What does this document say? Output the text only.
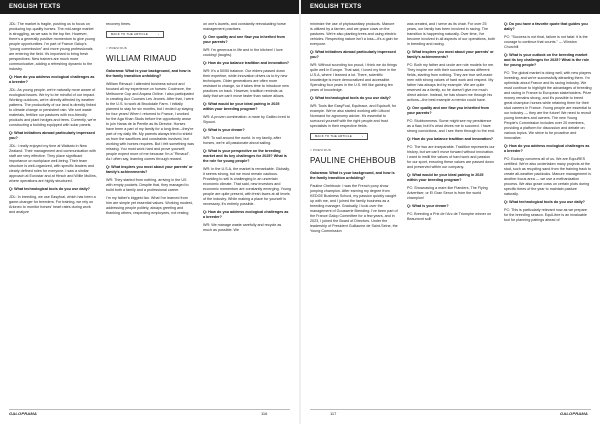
ENGLISH TEXTS	ENGLISH TEXTS

JDL: The market is fragile, pushing us to focus on producing top-quality horses. The mid-range market is struggling, as we saw in the top tier. However, there's a generally positive momentum to give young people opportunities. I'm part of France Galop's "young commission" and more young professionals are entering the field. It's important to bring fresh perspectives. New trainers are much more communicative, adding a refreshing dynamic to the industry.

Q: How do you address ecological challenges as a breeder?

JDL: As young people, we're naturally more aware of ecological issues. We try to be mindful of our impact. Working outdoors, we're directly affected by weather patterns. The productivity of our land is directly linked to climate change or persistent rain. We sort waste materials, fertilize our pastures with eco-friendly products and plant hedges and trees. Currently, we're constructing a building equipped with solar panels.

Q: What initiatives abroad particularly impressed you?

JDL: I really enjoyed my time at Waikato in New Zealand. Their management and communication with staff are very effective. They place significant importance on workplace well-being. Their team structure is well-organized, with specific leaders and clearly defined roles for everyone. I saw a similar approach at Eurostar and at Hirsch and Willie Mullins, where operations are highly structured.

Q: What technological tools do you use daily?

JDL: In breeding, we use Easyfoal, which has been a game-changer for breeders. For training, we rely on Arioneo to monitor horses' heart rates during work and analyze

recovery times.

BACK TO THE ARTICLE	›
< PREVIOUS
WILLIAM RIMAUD

Galorama: What is your background, and how is the family transition unfolding?

William Rimaud: I attended business school and focused all my experience on horses: Coolmore, the Melbourne Cup and Arqana Online. I also participated in creating Aux Courses Les Jeunes. After that, I went to the U.S. to work at Brookdale Farm. I initially planned to stay for six months, but I ended up staying for four years! When I returned to France, I worked for the Aga Khan Studs before the opportunity arose to join Haras de la Perelle as its Director. Horses have been a part of my family for a long time—they're part of my daily life. My parents always tried to shield us from the sacrifices and constraints involved, but working with horses requires. But I felt something was missing. You must work hard and prove yourself; people expect more of me because I'm a "Rimaud". As I often say, learning comes through reward.

Q: What inspires you most about your parents' or family's achievements?

WR: They started from nothing, arriving in the US with empty pockets. Despite that, they managed to build both a family and a professional career.

I'm my father's biggest fan. What I've learned from him are simple yet essential values. Working modest, addressing people politely, always greeting and thanking others, respecting employees, not resting

on one's laurels, and constantly reevaluating horse management practices.

Q: One quality and one flaw you inherited from your parents?

WR: I'm generous in life and in the kitchen! I love cooking! (laughs).

Q: How do you balance tradition and innovation?

WR: It's a 50/50 balance. Our elders passed down their expertise, while innovation drives us to try new techniques. Older generations are often more resistant to change, so it takes time to introduce new practices on track. However, tradition reminds us daily that we can't move faster than nature allows.

Q: What would be your ideal pairing in 2025 within your breeding program?

WR: A proven combination: a mare by Galileo bred to Siyouni.

Q: What is your dream?

WR: To sail around the world. In my family, after horses, we're all passionate about sailing.

Q: What is your perspective on the breeding market and its key challenges for 2025? What is the role for young people?

WR: In the U.S.A, the market is remarkable. Globally, it seems strong, but we must remain cautious. Providing to sell is challenging in an uncertain economic climate. That said, new investors and economic momentum are constantly emerging. Young people are quite present, with fresh faces at all levels of the industry. While making a place for yourself is necessary, it's entirely possible.

Q: How do you address ecological challenges as a breeder?

WR: We manage waste carefully and recycle as much as possible. We

minimize the use of phytosanitary products. Manure is utilized by a farmer, and we graze cows on the pastures. We're also planting trees and using electric vehicles. Respecting nature isn't a loss—it's a gain for everyone.

Q: What initiatives abroad particularly impressed you?

WR: Without sounding too proud, I think we do things quite well in Europe. That said, I loved my time in the U.S.A, where I learned a lot. There, scientific knowledge is more democratized and accessible. Spending four years in the U.S. felt like gaining ten years of knowledge.

Q: What technological tools do you use daily?

WR: Tools like EasyFoal, Equitrace, and Equisoft, for example. We've also started working with Littoral Normand for agronomy advice. It's essential to surround yourself with the right people and trust specialists in their respective fields.

BACK TO THE ARTICLE	›
< PREVIOUS
PAULINE CHEHBOUB

Galorama: What is your background, and how is the family transition unfolding?

Pauline Chehboub: I was the French pony show jumping champion. After earning my degree from KEDGE Business School, my passion quickly caught up with me, and I joined the family business as a breeding manager. Gradually, I took over the management of Gousserie Breeding. I've been part of the France Galop Committee for a few years, and in 2023, I joined the Board of Directors. Under the leadership of President Guillaume de Saint-Seine, the Young Commission

was created, and I serve as its chair. For over 25 years, our family has been involved in racing. The transition is happening naturally. Over time, I've become involved in all aspects of our operations, both in breeding and racing.

Q: What inspires you most about your parents' or family's achievements?

PC: Both my father and uncle are role models for me. They inspire me with their success across different fields, starting from nothing. They are true self-made men with strong values of hard work and respect. My father has always led by example. We are quite reserved as a family, so he doesn't give me much direct advice. Instead, he has shown me through his actions—the best example a mentor could have.

Q: One quality and one flaw you inherited from your parents?

PC: Stubbornness. Some might see my persistence as a flaw, but it's what drives me to succeed. I have strong convictions, and I see them through to the end.

Q: How do you balance tradition and innovation?

PC: The two are inseparable. Tradition represents our history, but we can't move forward without innovation. I want to instill the values of hard work and passion for our sport, ensuring these values are passed down and preserved within our company.

Q: What would be your ideal pairing in 2025 within your breeding program?

PC: Showcasing a mare like Flanders, The Flying Advertiser, or El Gran Senor is from the world champion!

Q: What is your dream?

PC: Breeding a Prix de l'Arc de Triomphe winner on Beaumont soil!

Q: Do you have a favorite quote that guides you daily?

PC: "Success is not final, failure is not fatal: it is the courage to continue that counts." — Winston Churchill

Q: What is your outlook on the breeding market and its key challenges for 2025? What is the role for young people?

PC: The global market is doing well, with new players investing, and we're successfully attracting them. I'm optimistic about France and its racing industry. We must continue to highlight the advantages of breeding and racing in France to European stakeholders. Prize money remains strong, and it's possible to breed great champion horses while retaining them for their stud careers in France. Young people are essential to our industry — they are the future! We need to recruit young breeders and owners. The new Young People's Commission includes over 20 members, providing a platform for discussion and debate on various topics. We strive to be proactive and innovative.

Q: How do you address ecological challenges as a breeder?

PC: Ecology concerns all of us. We are EquuRES certified. We're also undertaken many projects at the stud, such as recycling sand from the training track to create all-weather paddocks. Manure management is another focus area — we use a methanization process. We also graze cows on certain plots during specific times of the year to maintain pasture naturally.

Q: What technological tools do you use daily?

PC: This is particularly relevant now as we prepare for the breeding season. EquiLibre is an invaluable tool for planning pairings ahead of

GALOPRAMA	116	117	GALOPRAMA
